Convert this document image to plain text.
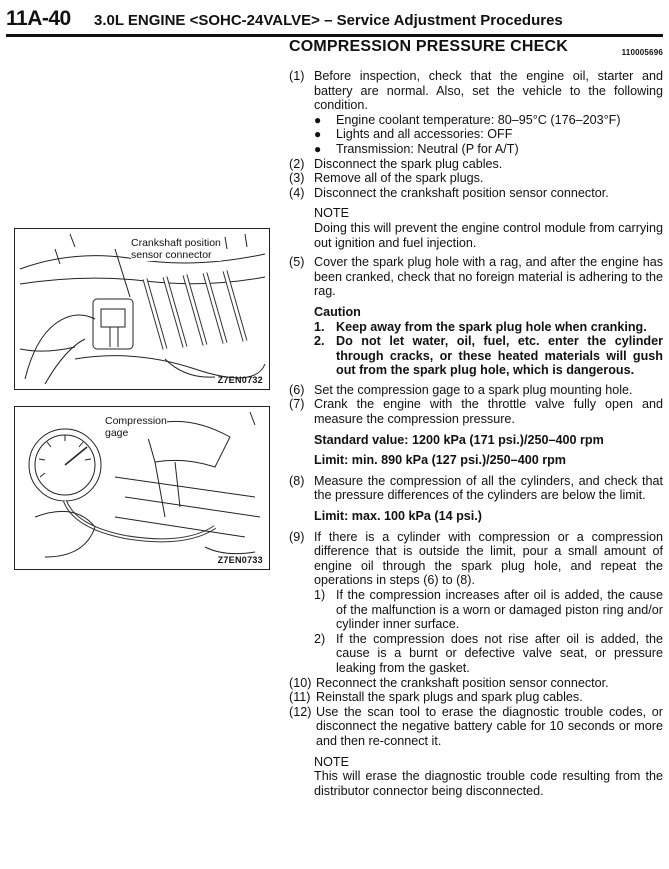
11A-40 3.0L ENGINE <SOHC-24VALVE> – Service Adjustment Procedures
Crankshaft position
sensor connector
Z7EN0732
Compression
gage
Z7EN0733
COMPRESSION PRESSURE CHECK	110005696
(1) Before inspection, check that the engine oil, starter and battery are normal. Also, set the vehicle to the following condition.
●	Engine coolant temperature: 80–95°C (176–203°F)
●	Lights and all accessories: OFF
●	Transmission: Neutral (P for A/T)
(2) Disconnect the spark plug cables.
(3) Remove all of the spark plugs.
(4) Disconnect the crankshaft position sensor connector.
NOTE
Doing this will prevent the engine control module from carrying out ignition and fuel injection.
(5) Cover the spark plug hole with a rag, and after the engine has been cranked, check that no foreign material is adhering to the rag.
Caution
1. Keep away from the spark plug hole when cranking.
2. Do not let water, oil, fuel, etc. enter the cylinder through cracks, or these heated materials will gush out from the spark plug hole, which is dangerous.
(6) Set the compression gage to a spark plug mounting hole.
(7) Crank the engine with the throttle valve fully open and measure the compression pressure.
Standard value: 1200 kPa (171 psi.)/250–400 rpm
Limit: min. 890 kPa (127 psi.)/250–400 rpm
(8) Measure the compression of all the cylinders, and check that the pressure differences of the cylinders are below the limit.
Limit: max. 100 kPa (14 psi.)
(9) If there is a cylinder with compression or a compression difference that is outside the limit, pour a small amount of engine oil through the spark plug hole, and repeat the operations in steps (6) to (8).
1) If the compression increases after oil is added, the cause of the malfunction is a worn or damaged piston ring and/or cylinder inner surface.
2) If the compression does not rise after oil is added, the cause is a burnt or defective valve seat, or pressure leaking from the gasket.
(10) Reconnect the crankshaft position sensor connector.
(11) Reinstall the spark plugs and spark plug cables.
(12) Use the scan tool to erase the diagnostic trouble codes, or disconnect the negative battery cable for 10 seconds or more and then re-connect it.
NOTE
This will erase the diagnostic trouble code resulting from the distributor connector being disconnected.
